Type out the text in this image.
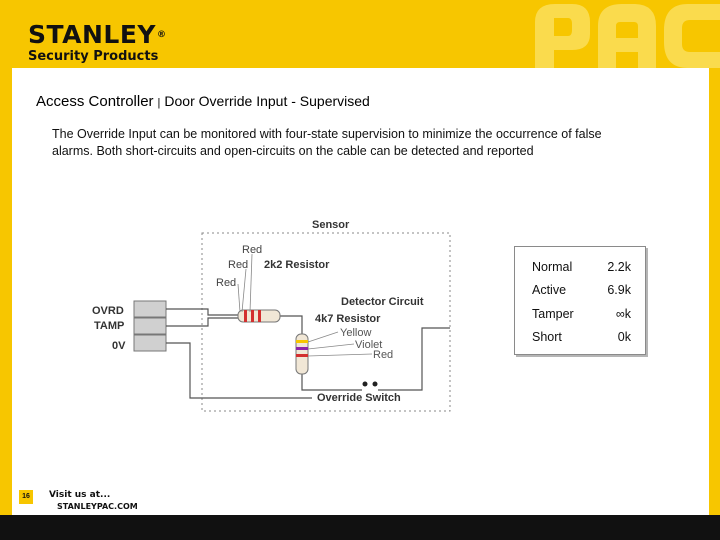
STANLEY®
Security Products
Access Controller | Door Override Input - Supervised
The Override Input can be monitored with four-state supervision to minimize the occurrence of false alarms. Both short-circuits and open-circuits on the cable can be detected and reported
Sensor
OVRD
TAMP
0V
Red
Red
Red
2k2 Resistor
Detector Circuit
4k7 Resistor
Yellow
Violet
Red
Override Switch
Normal	2.2k
Active	6.9k
Tamper	∞k
Short	0k
16	Visit us at...
STANLEYPAC.COM
